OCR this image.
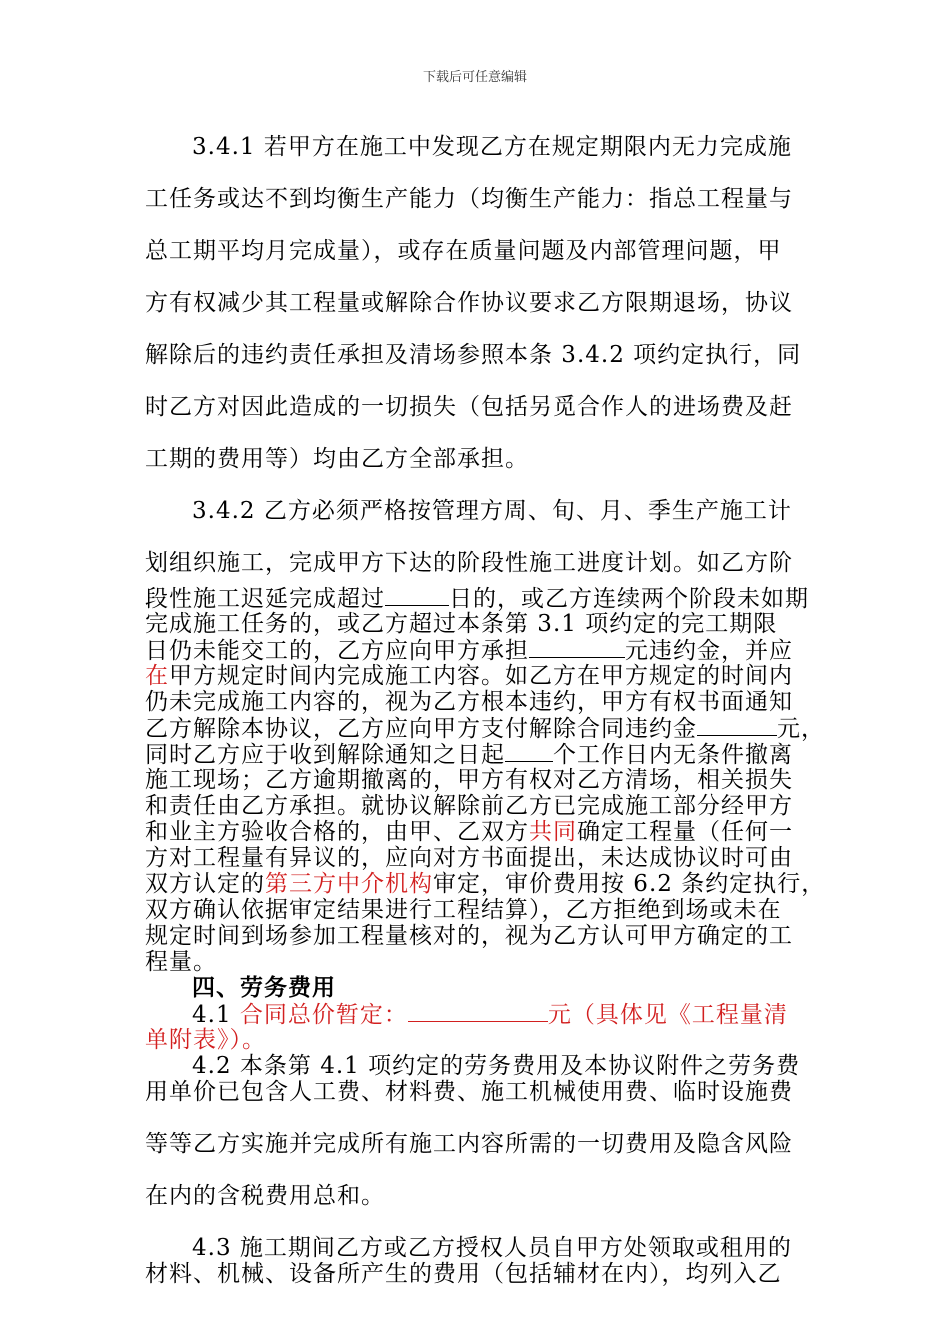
下载后可任意编辑
3.4.1 若甲方在施工中发现乙方在规定期限内无力完成施
工任务或达不到均衡生产能力（均衡生产能力：指总工程量与
总工期平均月完成量），或存在质量问题及内部管理问题，甲
方有权减少其工程量或解除合作协议要求乙方限期退场，协议
解除后的违约责任承担及清场参照本条 3.4.2 项约定执行，同
时乙方对因此造成的一切损失（包括另觅合作人的进场费及赶
工期的费用等）均由乙方全部承担。
3.4.2 乙方必须严格按管理方周、旬、月、季生产施工计
划组织施工，完成甲方下达的阶段性施工进度计划。如乙方阶
段性施工迟延完成超过	日的，或乙方连续两个阶段未如期
完成施工任务的，或乙方超过本条第 3.1 项约定的完工期限
日仍未能交工的，乙方应向甲方承担	元违约金，并应
在甲方规定时间内完成施工内容。如乙方在甲方规定的时间内
仍未完成施工内容的，视为乙方根本违约，甲方有权书面通知
乙方解除本协议，乙方应向甲方支付解除合同违约金	元，
同时乙方应于收到解除通知之日起 个工作日内无条件撤离
施工现场；乙方逾期撤离的，甲方有权对乙方清场，相关损失
和责任由乙方承担。就协议解除前乙方已完成施工部分经甲方
和业主方验收合格的，由甲、乙双方共同确定工程量（任何一
方对工程量有异议的，应向对方书面提出，未达成协议时可由
双方认定的第三方中介机构审定，审价费用按 6.2 条约定执行，
双方确认依据审定结果进行工程结算），乙方拒绝到场或未在
规定时间到场参加工程量核对的，视为乙方认可甲方确定的工
程量。
四、劳务费用
4.1 合同总价暂定：	元（具体见《工程量清
单附表》）。
4.2 本条第 4.1 项约定的劳务费用及本协议附件之劳务费
用单价已包含人工费、材料费、施工机械使用费、临时设施费
等等乙方实施并完成所有施工内容所需的一切费用及隐含风险
在内的含税费用总和。
4.3 施工期间乙方或乙方授权人员自甲方处领取或租用的
材料、机械、设备所产生的费用（包括辅材在内），均列入乙
